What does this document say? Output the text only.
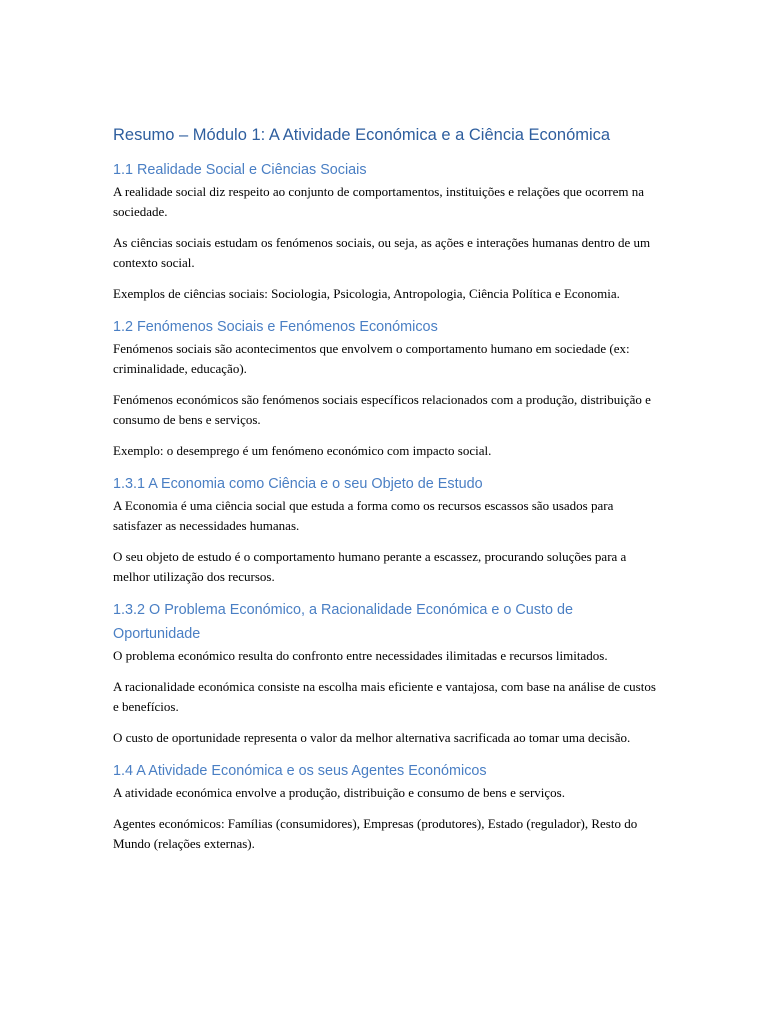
Resumo – Módulo 1: A Atividade Económica e a Ciência Económica
1.1 Realidade Social e Ciências Sociais

A realidade social diz respeito ao conjunto de comportamentos, instituições e relações que ocorrem na sociedade.

As ciências sociais estudam os fenómenos sociais, ou seja, as ações e interações humanas dentro de um contexto social.

Exemplos de ciências sociais: Sociologia, Psicologia, Antropologia, Ciência Política e Economia.

1.2 Fenómenos Sociais e Fenómenos Económicos

Fenómenos sociais são acontecimentos que envolvem o comportamento humano em sociedade (ex: criminalidade, educação).

Fenómenos económicos são fenómenos sociais específicos relacionados com a produção, distribuição e consumo de bens e serviços.

Exemplo: o desemprego é um fenómeno económico com impacto social.

1.3.1 A Economia como Ciência e o seu Objeto de Estudo

A Economia é uma ciência social que estuda a forma como os recursos escassos são usados para satisfazer as necessidades humanas.

O seu objeto de estudo é o comportamento humano perante a escassez, procurando soluções para a melhor utilização dos recursos.

1.3.2 O Problema Económico, a Racionalidade Económica e o Custo de Oportunidade

O problema económico resulta do confronto entre necessidades ilimitadas e recursos limitados.

A racionalidade económica consiste na escolha mais eficiente e vantajosa, com base na análise de custos e benefícios.

O custo de oportunidade representa o valor da melhor alternativa sacrificada ao tomar uma decisão.

1.4 A Atividade Económica e os seus Agentes Económicos

A atividade económica envolve a produção, distribuição e consumo de bens e serviços.

Agentes económicos: Famílias (consumidores), Empresas (produtores), Estado (regulador), Resto do Mundo (relações externas).
